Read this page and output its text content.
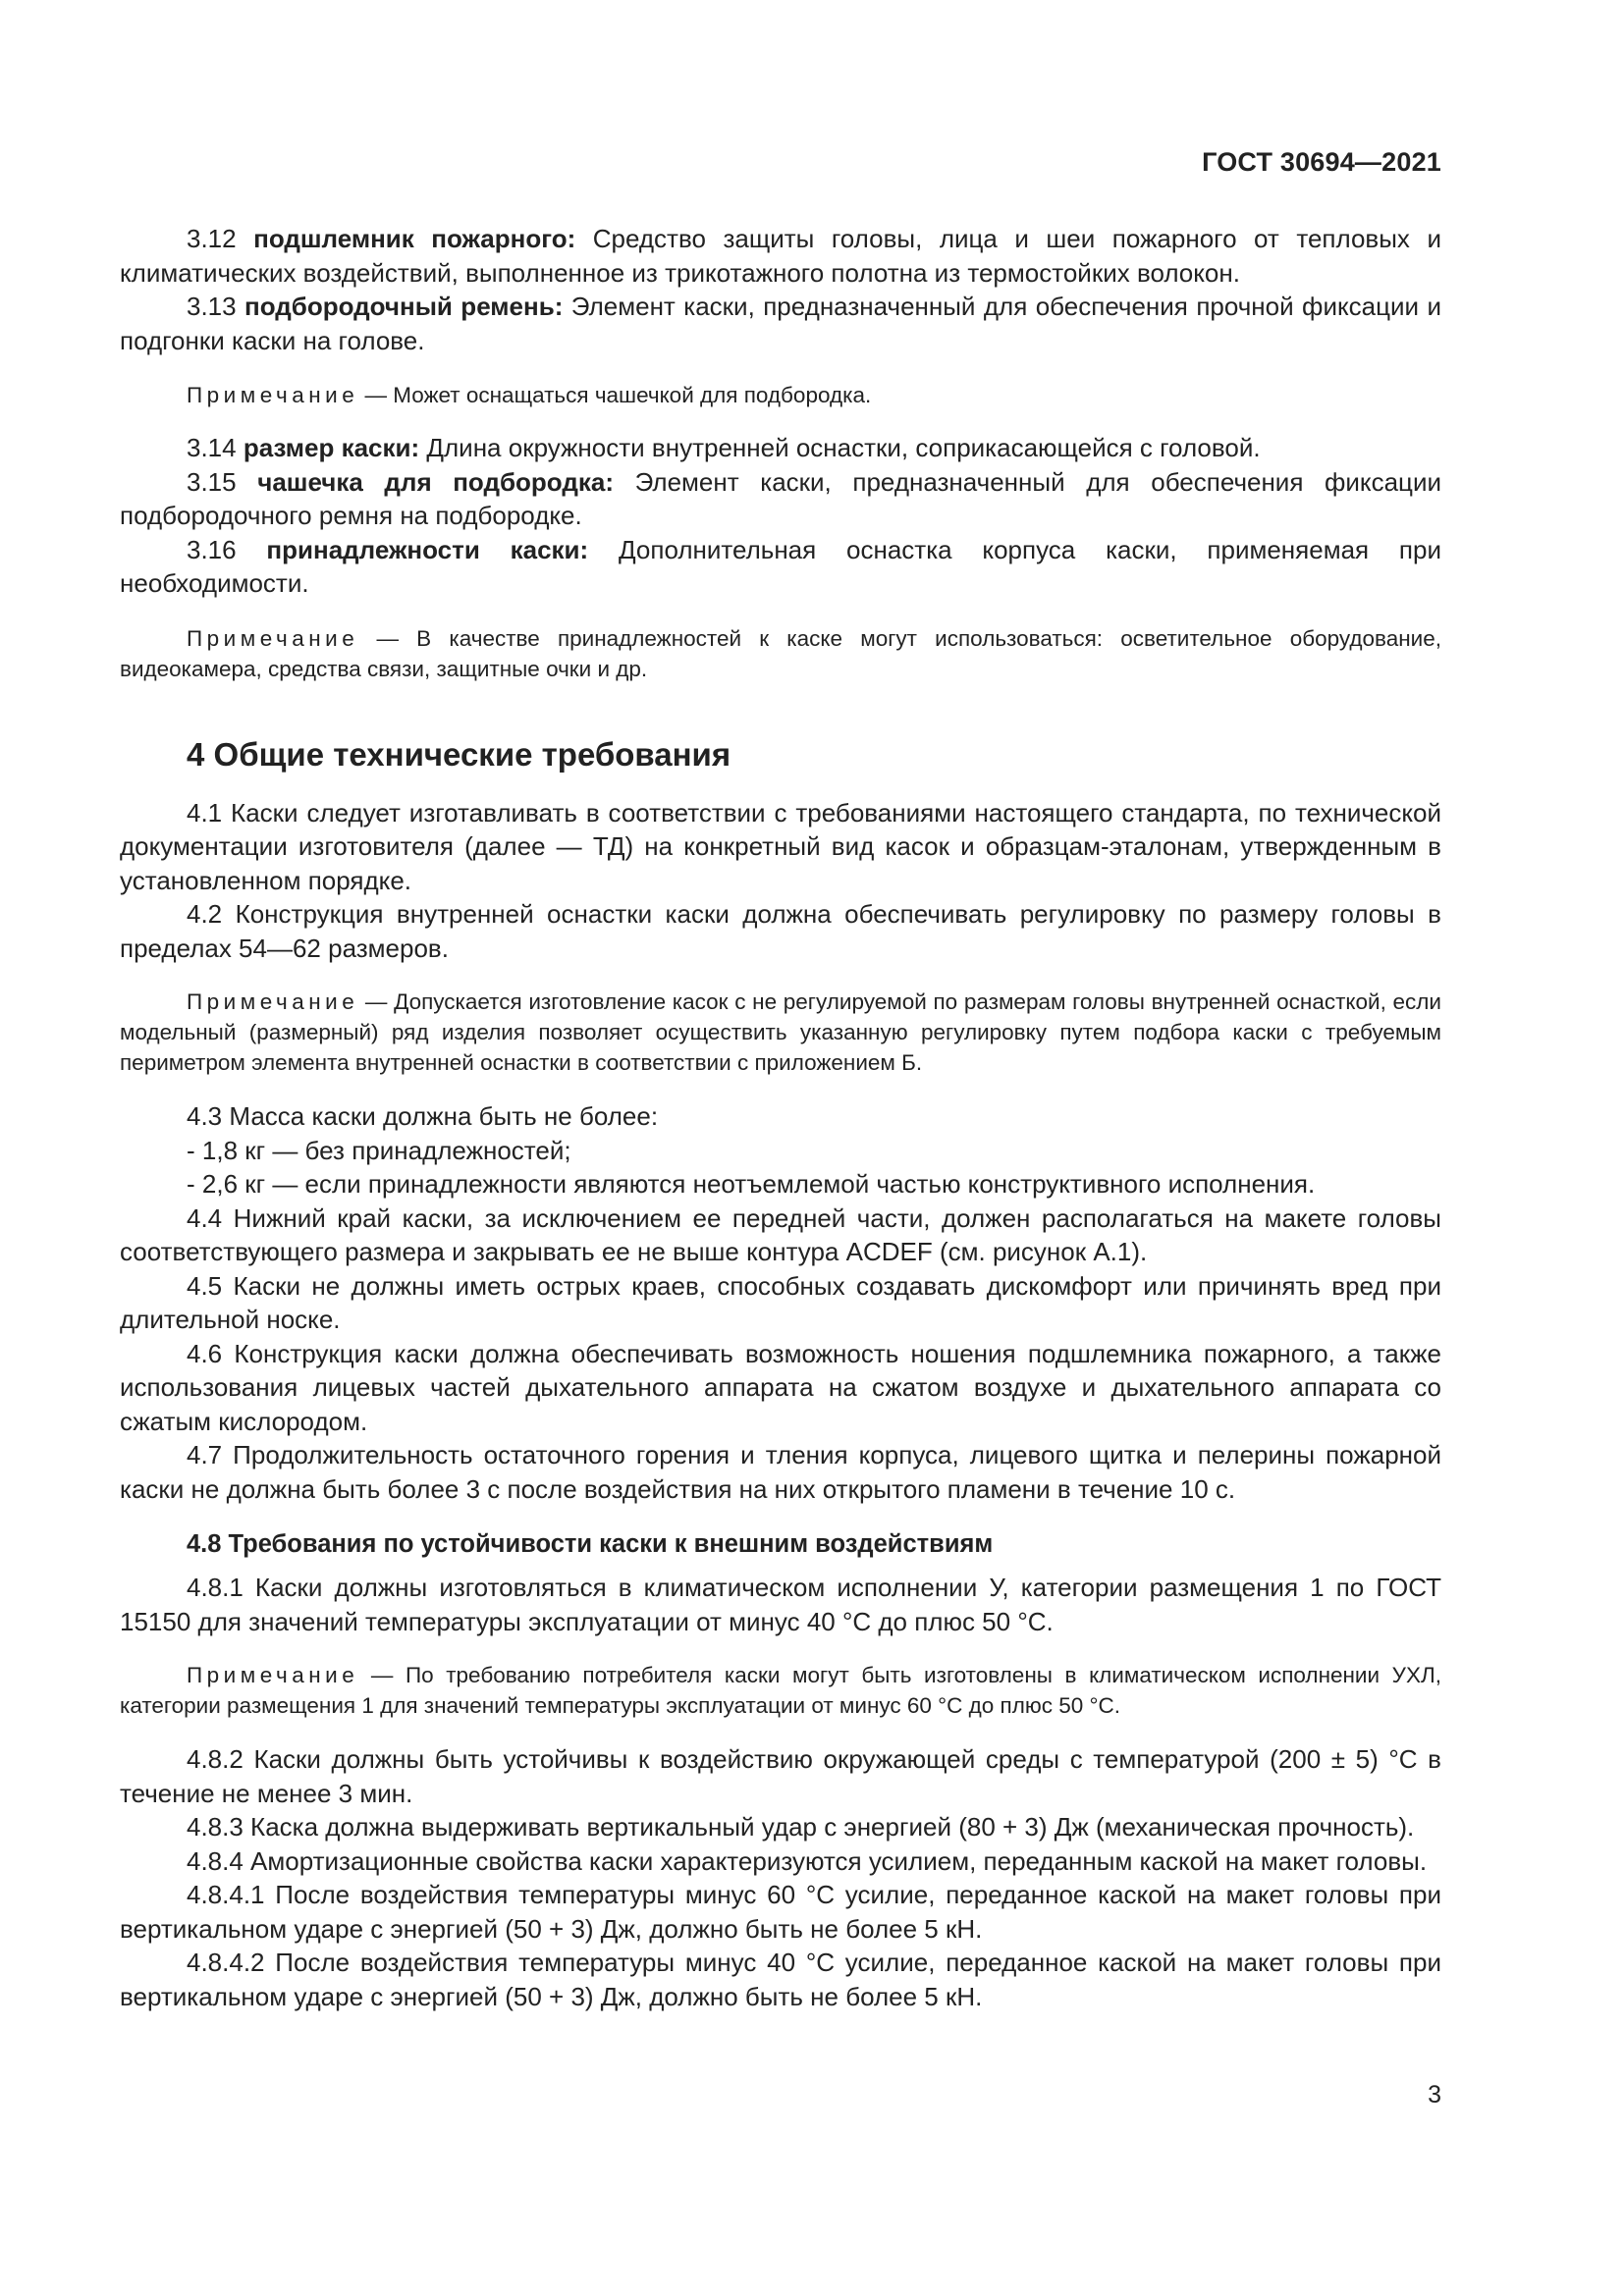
ГОСТ 30694—2021

3.12 подшлемник пожарного: Средство защиты головы, лица и шеи пожарного от тепловых и климатических воздействий, выполненное из трикотажного полотна из термостойких волокон.

3.13 подбородочный ремень: Элемент каски, предназначенный для обеспечения прочной фиксации и подгонки каски на голове.

Примечание — Может оснащаться чашечкой для подбородка.

3.14 размер каски: Длина окружности внутренней оснастки, соприкасающейся с головой.

3.15 чашечка для подбородка: Элемент каски, предназначенный для обеспечения фиксации подбородочного ремня на подбородке.

3.16 принадлежности каски: Дополнительная оснастка корпуса каски, применяемая при необходимости.

Примечание — В качестве принадлежностей к каске могут использоваться: осветительное оборудование, видеокамера, средства связи, защитные очки и др.

4 Общие технические требования

4.1 Каски следует изготавливать в соответствии с требованиями настоящего стандарта, по технической документации изготовителя (далее — ТД) на конкретный вид касок и образцам-эталонам, утвержденным в установленном порядке.

4.2 Конструкция внутренней оснастки каски должна обеспечивать регулировку по размеру головы в пределах 54—62 размеров.

Примечание — Допускается изготовление касок с не регулируемой по размерам головы внутренней оснасткой, если модельный (размерный) ряд изделия позволяет осуществить указанную регулировку путем подбора каски с требуемым периметром элемента внутренней оснастки в соответствии с приложением Б.

4.3 Масса каски должна быть не более:

- 1,8 кг — без принадлежностей;

- 2,6 кг — если принадлежности являются неотъемлемой частью конструктивного исполнения.

4.4 Нижний край каски, за исключением ее передней части, должен располагаться на макете головы соответствующего размера и закрывать ее не выше контура ACDEF (см. рисунок А.1).

4.5 Каски не должны иметь острых краев, способных создавать дискомфорт или причинять вред при длительной носке.

4.6 Конструкция каски должна обеспечивать возможность ношения подшлемника пожарного, а также использования лицевых частей дыхательного аппарата на сжатом воздухе и дыхательного аппарата со сжатым кислородом.

4.7 Продолжительность остаточного горения и тления корпуса, лицевого щитка и пелерины пожарной каски не должна быть более 3 с после воздействия на них открытого пламени в течение 10 с.

4.8 Требования по устойчивости каски к внешним воздействиям

4.8.1 Каски должны изготовляться в климатическом исполнении У, категории размещения 1 по ГОСТ 15150 для значений температуры эксплуатации от минус 40 °С до плюс 50 °С.

Примечание — По требованию потребителя каски могут быть изготовлены в климатическом исполнении УХЛ, категории размещения 1 для значений температуры эксплуатации от минус 60 °С до плюс 50 °С.

4.8.2 Каски должны быть устойчивы к воздействию окружающей среды с температурой (200 ± 5) °С в течение не менее 3 мин.

4.8.3 Каска должна выдерживать вертикальный удар с энергией (80 + 3) Дж (механическая прочность).

4.8.4 Амортизационные свойства каски характеризуются усилием, переданным каской на макет головы.

4.8.4.1 После воздействия температуры минус 60 °С усилие, переданное каской на макет головы при вертикальном ударе с энергией (50 + 3) Дж, должно быть не более 5 кН.

4.8.4.2 После воздействия температуры минус 40 °С усилие, переданное каской на макет головы при вертикальном ударе с энергией (50 + 3) Дж, должно быть не более 5 кН.

3
